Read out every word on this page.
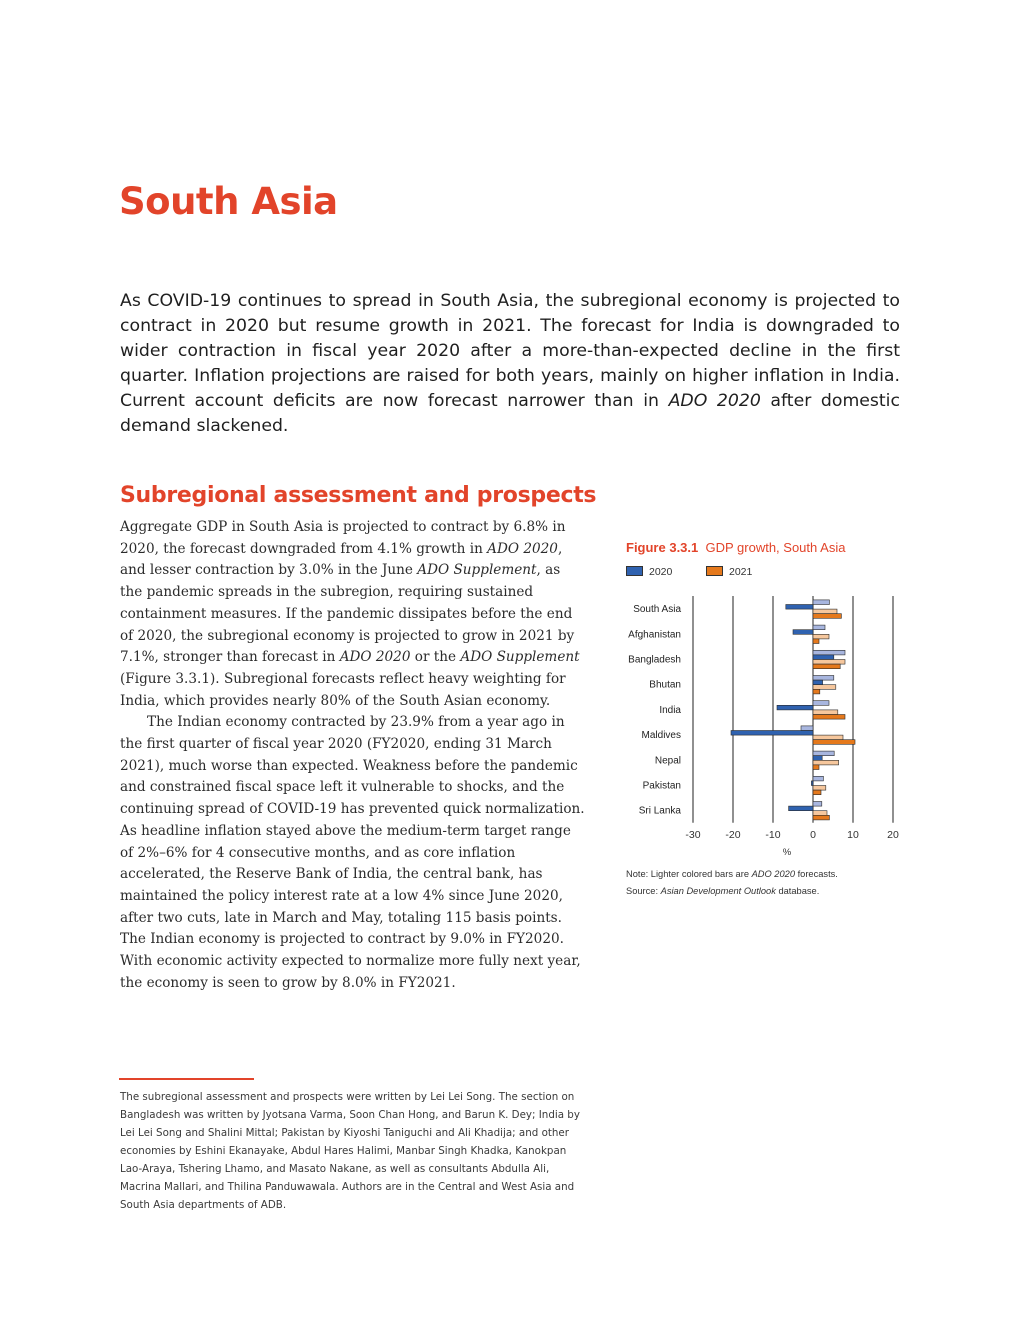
South Asia

As COVID-19 continues to spread in South Asia, the subregional economy is projected to contract in 2020 but resume growth in 2021. The forecast for India is downgraded to wider contraction in fiscal year 2020 after a more-than-expected decline in the first quarter. Inflation projections are raised for both years, mainly on higher inflation in India. Current account deficits are now forecast narrower than in ADO 2020 after domestic demand slackened.

Subregional assessment and prospects

Aggregate GDP in South Asia is projected to contract by 6.8% in 2020, the forecast downgraded from 4.1% growth in ADO 2020, and lesser contraction by 3.0% in the June ADO Supplement, as the pandemic spreads in the subregion, requiring sustained containment measures. If the pandemic dissipates before the end of 2020, the subregional economy is projected to grow in 2021 by 7.1%, stronger than forecast in ADO 2020 or the ADO Supplement (Figure 3.3.1). Subregional forecasts reflect heavy weighting for India, which provides nearly 80% of the South Asian economy.

The Indian economy contracted by 23.9% from a year ago in the first quarter of fiscal year 2020 (FY2020, ending 31 March 2021), much worse than expected. Weakness before the pandemic and constrained fiscal space left it vulnerable to shocks, and the continuing spread of COVID-19 has prevented quick normalization. As headline inflation stayed above the medium-term target range of 2%–6% for 4 consecutive months, and as core inflation accelerated, the Reserve Bank of India, the central bank, has maintained the policy interest rate at a low 4% since June 2020, after two cuts, late in March and May, totaling 115 basis points. The Indian economy is projected to contract by 9.0% in FY2020. With economic activity expected to normalize more fully next year, the economy is seen to grow by 8.0% in FY2021.

The subregional assessment and prospects were written by Lei Lei Song. The section on Bangladesh was written by Jyotsana Varma, Soon Chan Hong, and Barun K. Dey; India by Lei Lei Song and Shalini Mittal; Pakistan by Kiyoshi Taniguchi and Ali Khadija; and other economies by Eshini Ekanayake, Abdul Hares Halimi, Manbar Singh Khadka, Kanokpan Lao-Araya, Tshering Lhamo, and Masato Nakane, as well as consultants Abdulla Ali, Macrina Mallari, and Thilina Panduwawala. Authors are in the Central and West Asia and South Asia departments of ADB.

Figure 3.3.1 GDP growth, South Asia

2020	2021
-30 -20 -10	0	10	20
%
South Asia
Afghanistan
Bangladesh
Bhutan
India
Maldives
Nepal
Pakistan
Sri Lanka
Note: Lighter colored bars are ADO 2020 forecasts.
Source: Asian Development Outlook database.
